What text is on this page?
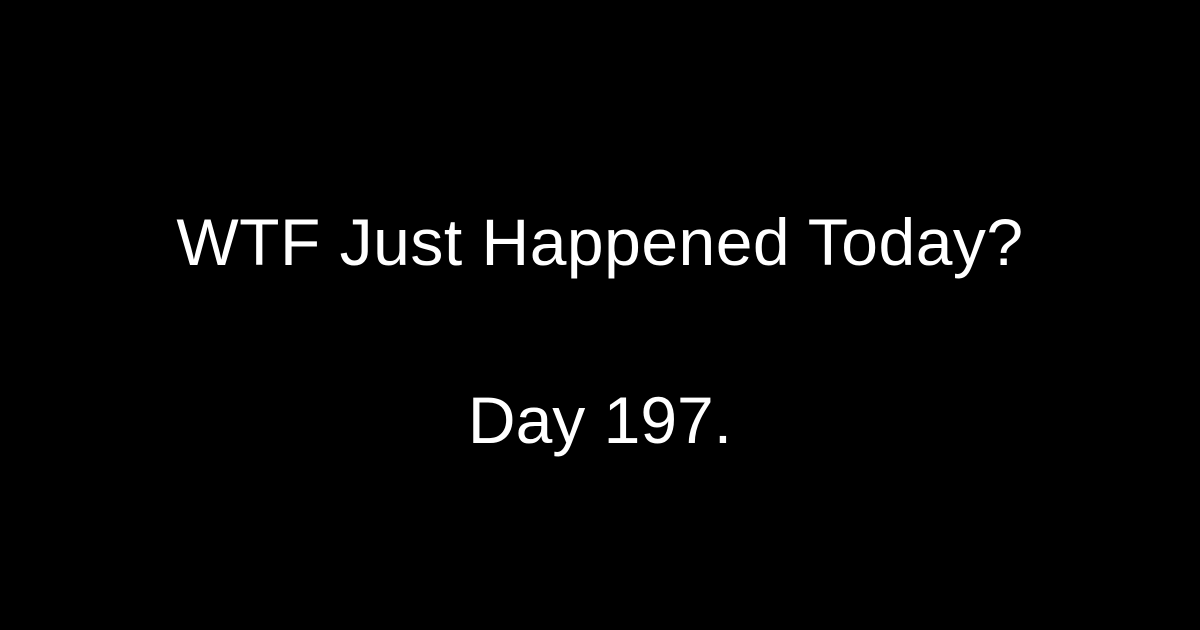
WTF Just Happened Today?
Day 197.
